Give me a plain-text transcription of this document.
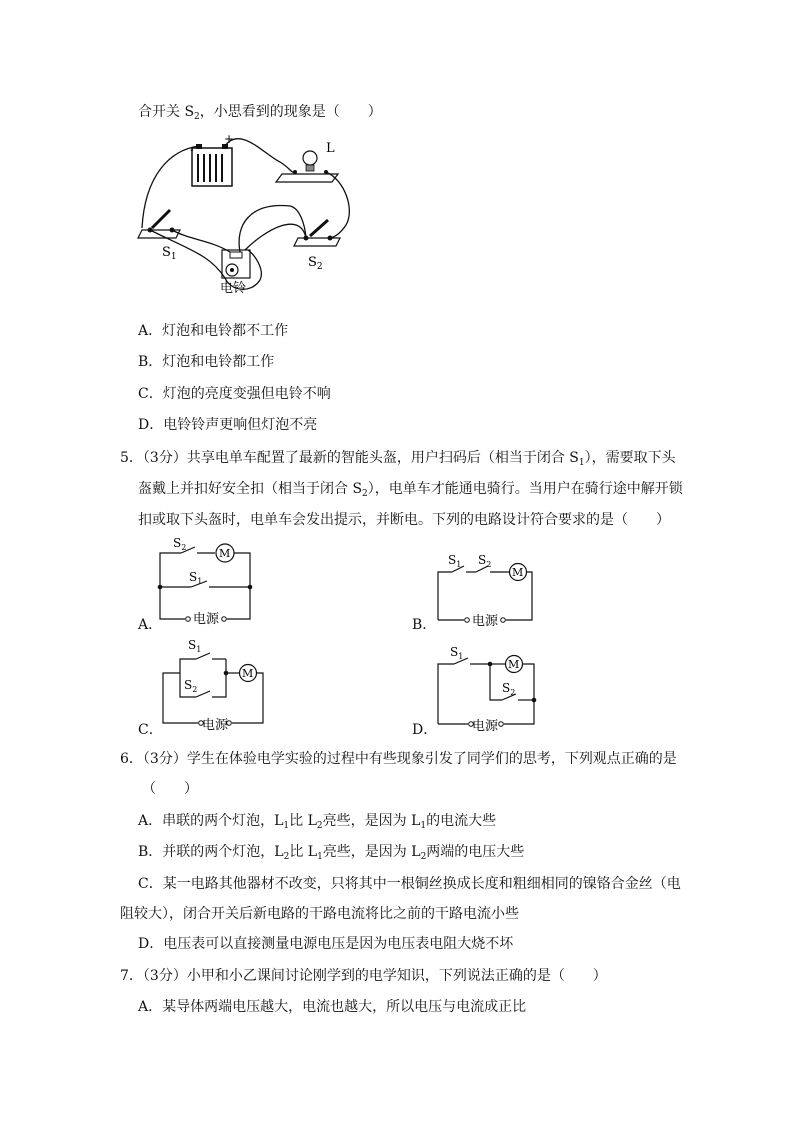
合开关 $S_2$，小思看到的现象是（　　）
-
+
L
$S_1$	$S_2$
电铃
A．灯泡和电铃都不工作
B．灯泡和电铃都工作
C．灯泡的亮度变强但电铃不响
D．电铃铃声更响但灯泡不亮
5．（3分）共享电单车配置了最新的智能头盔，用户扫码后（相当于闭合 $S_1$），需要取下头
盔戴上并扣好安全扣（相当于闭合 $S_2$），电单车才能通电骑行。当用户在骑行途中解开锁
扣或取下头盔时，电单车会发出提示，并断电。下列的电路设计符合要求的是（　　）
$S_2$	M
$S_1$
电源
A．
$S_1$ $S_2$
M
电源
B．
$S_1$
$S_2$
M
电源
C．
$S_1$
$S_2$
M
电源
D．
6．（3分）学生在体验电学实验的过程中有些现象引发了同学们的思考，下列观点正确的是
（　　）
A．串联的两个灯泡，$L_1$比 $L_2$亮些，是因为 $L_1$的电流大些
B．并联的两个灯泡，$L_2$比 $L_1$亮些，是因为 $L_2$两端的电压大些
C．某一电路其他器材不改变，只将其中一根铜丝换成长度和粗细相同的镍铬合金丝（电
阻较大），闭合开关后新电路的干路电流将比之前的干路电流小些
D．电压表可以直接测量电源电压是因为电压表电阻大烧不坏
7．（3分）小甲和小乙课间讨论刚学到的电学知识，下列说法正确的是（　　）
A．某导体两端电压越大，电流也越大，所以电压与电流成正比
